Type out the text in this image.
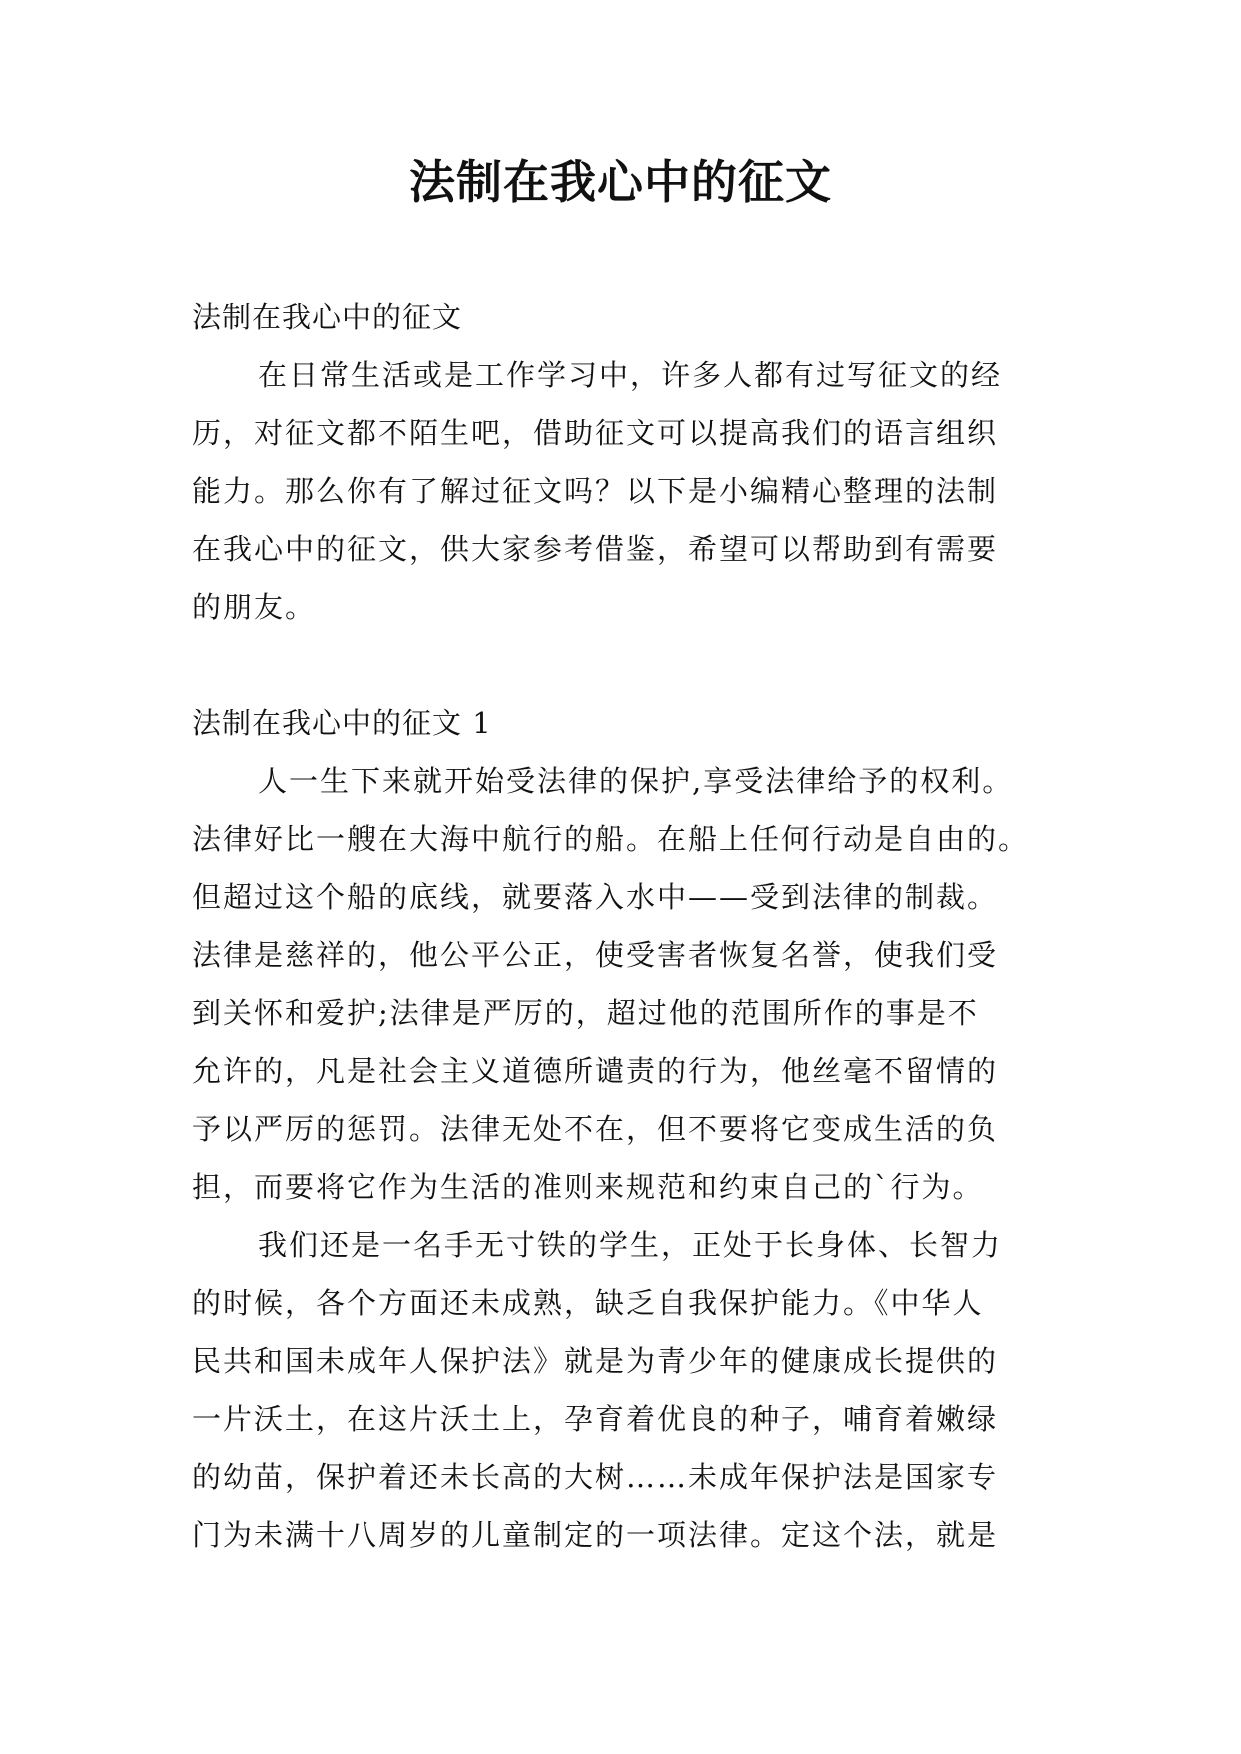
法制在我心中的征文

法制在我心中的征文

在日常生活或是工作学习中，许多人都有过写征文的经
历，对征文都不陌生吧，借助征文可以提高我们的语言组织
能力。那么你有了解过征文吗？以下是小编精心整理的法制
在我心中的征文，供大家参考借鉴，希望可以帮助到有需要
的朋友。

法制在我心中的征文 1

人一生下来就开始受法律的保护,享受法律给予的权利。
法律好比一艘在大海中航行的船。在船上任何行动是自由的。
但超过这个船的底线，就要落入水中——受到法律的制裁。
法律是慈祥的，他公平公正，使受害者恢复名誉，使我们受
到关怀和爱护;法律是严厉的，超过他的范围所作的事是不
允许的，凡是社会主义道德所谴责的行为，他丝毫不留情的
予以严厉的惩罚。法律无处不在，但不要将它变成生活的负
担，而要将它作为生活的准则来规范和约束自己的`行为。

我们还是一名手无寸铁的学生，正处于长身体、长智力
的时候，各个方面还未成熟，缺乏自我保护能力。《中华人
民共和国未成年人保护法》就是为青少年的健康成长提供的
一片沃土，在这片沃土上，孕育着优良的种子，哺育着嫩绿
的幼苗，保护着还未长高的大树……未成年保护法是国家专
门为未满十八周岁的儿童制定的一项法律。定这个法，就是
